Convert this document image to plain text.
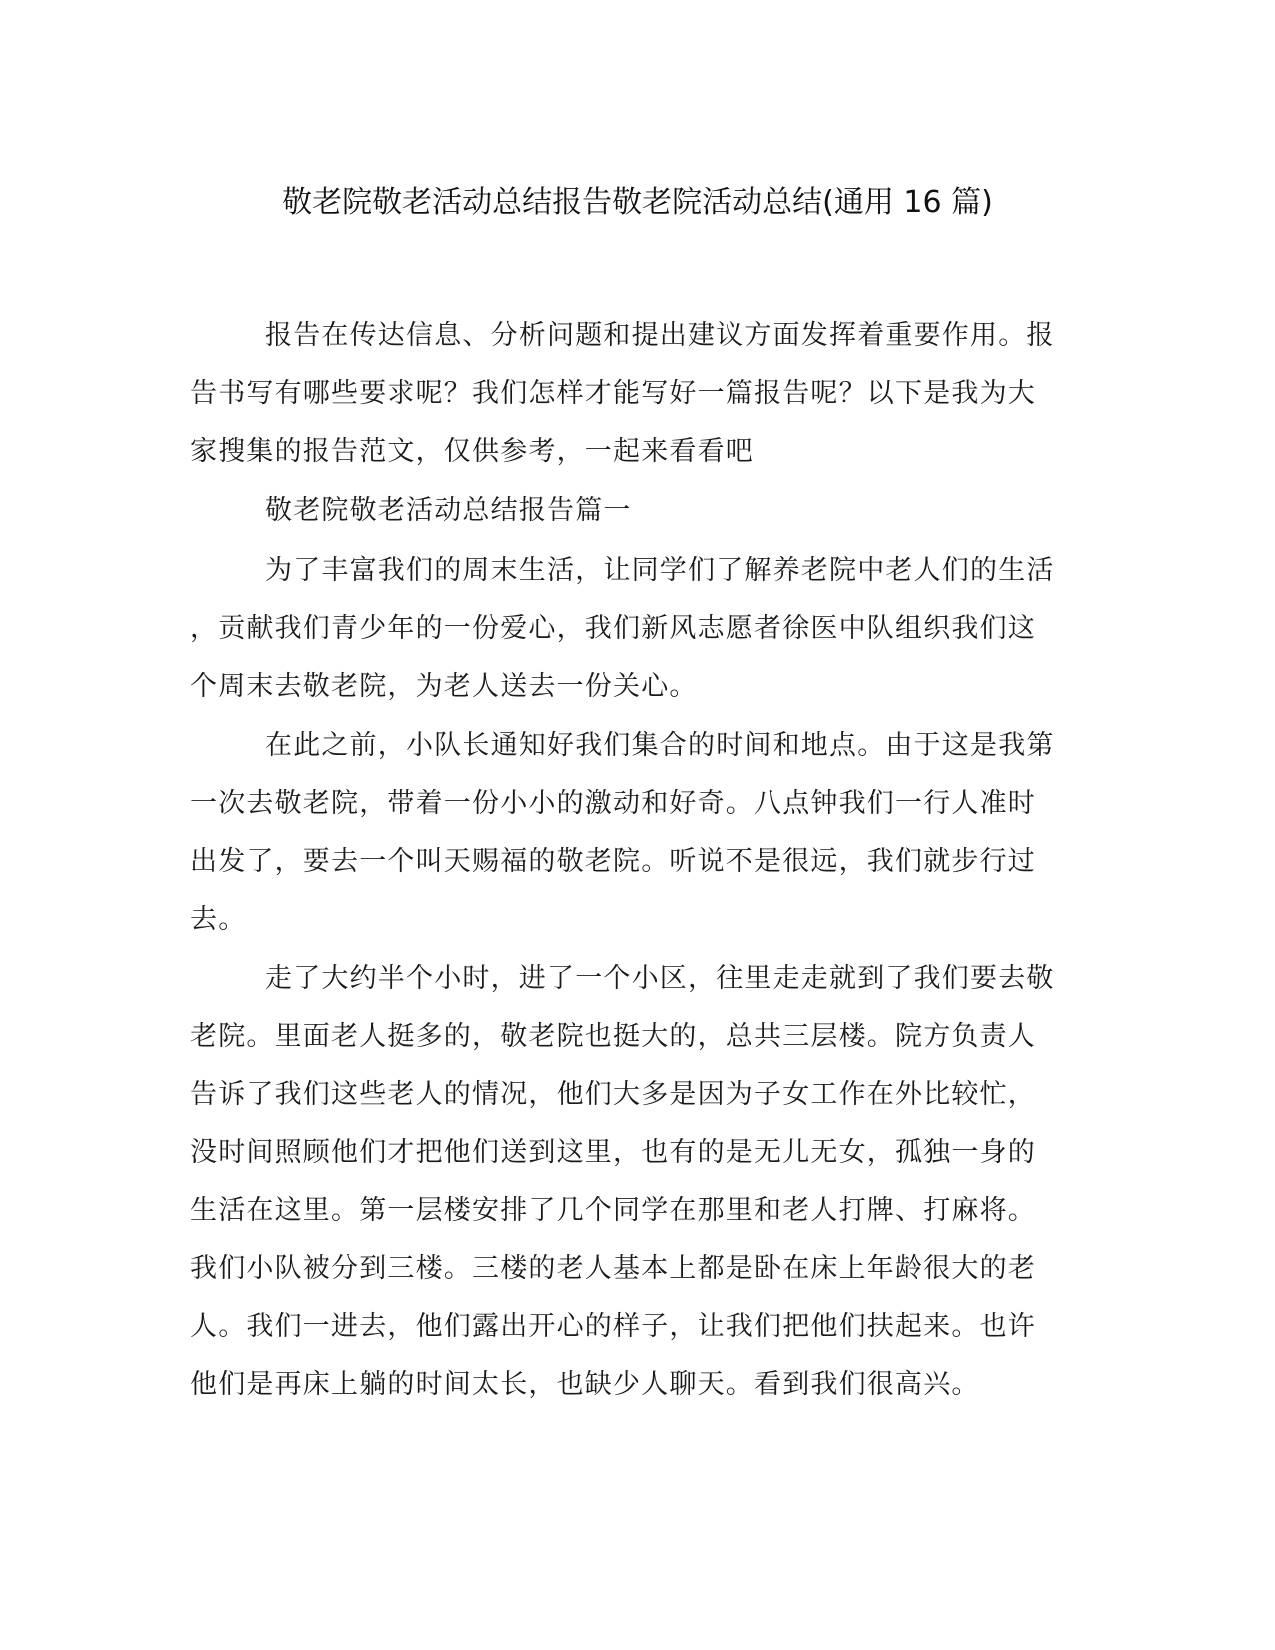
敬老院敬老活动总结报告敬老院活动总结(通用 16 篇)
报告在传达信息、分析问题和提出建议方面发挥着重要作用。报
告书写有哪些要求呢？我们怎样才能写好一篇报告呢？以下是我为大
家搜集的报告范文，仅供参考，一起来看看吧
敬老院敬老活动总结报告篇一
为了丰富我们的周末生活，让同学们了解养老院中老人们的生活
，贡献我们青少年的一份爱心，我们新风志愿者徐医中队组织我们这
个周末去敬老院，为老人送去一份关心。
在此之前，小队长通知好我们集合的时间和地点。由于这是我第
一次去敬老院，带着一份小小的激动和好奇。八点钟我们一行人准时
出发了，要去一个叫天赐福的敬老院。听说不是很远，我们就步行过
去。
走了大约半个小时，进了一个小区，往里走走就到了我们要去敬
老院。里面老人挺多的，敬老院也挺大的，总共三层楼。院方负责人
告诉了我们这些老人的情况，他们大多是因为子女工作在外比较忙，
没时间照顾他们才把他们送到这里，也有的是无儿无女，孤独一身的
生活在这里。第一层楼安排了几个同学在那里和老人打牌、打麻将。
我们小队被分到三楼。三楼的老人基本上都是卧在床上年龄很大的老
人。我们一进去，他们露出开心的样子，让我们把他们扶起来。也许
他们是再床上躺的时间太长，也缺少人聊天。看到我们很高兴。
